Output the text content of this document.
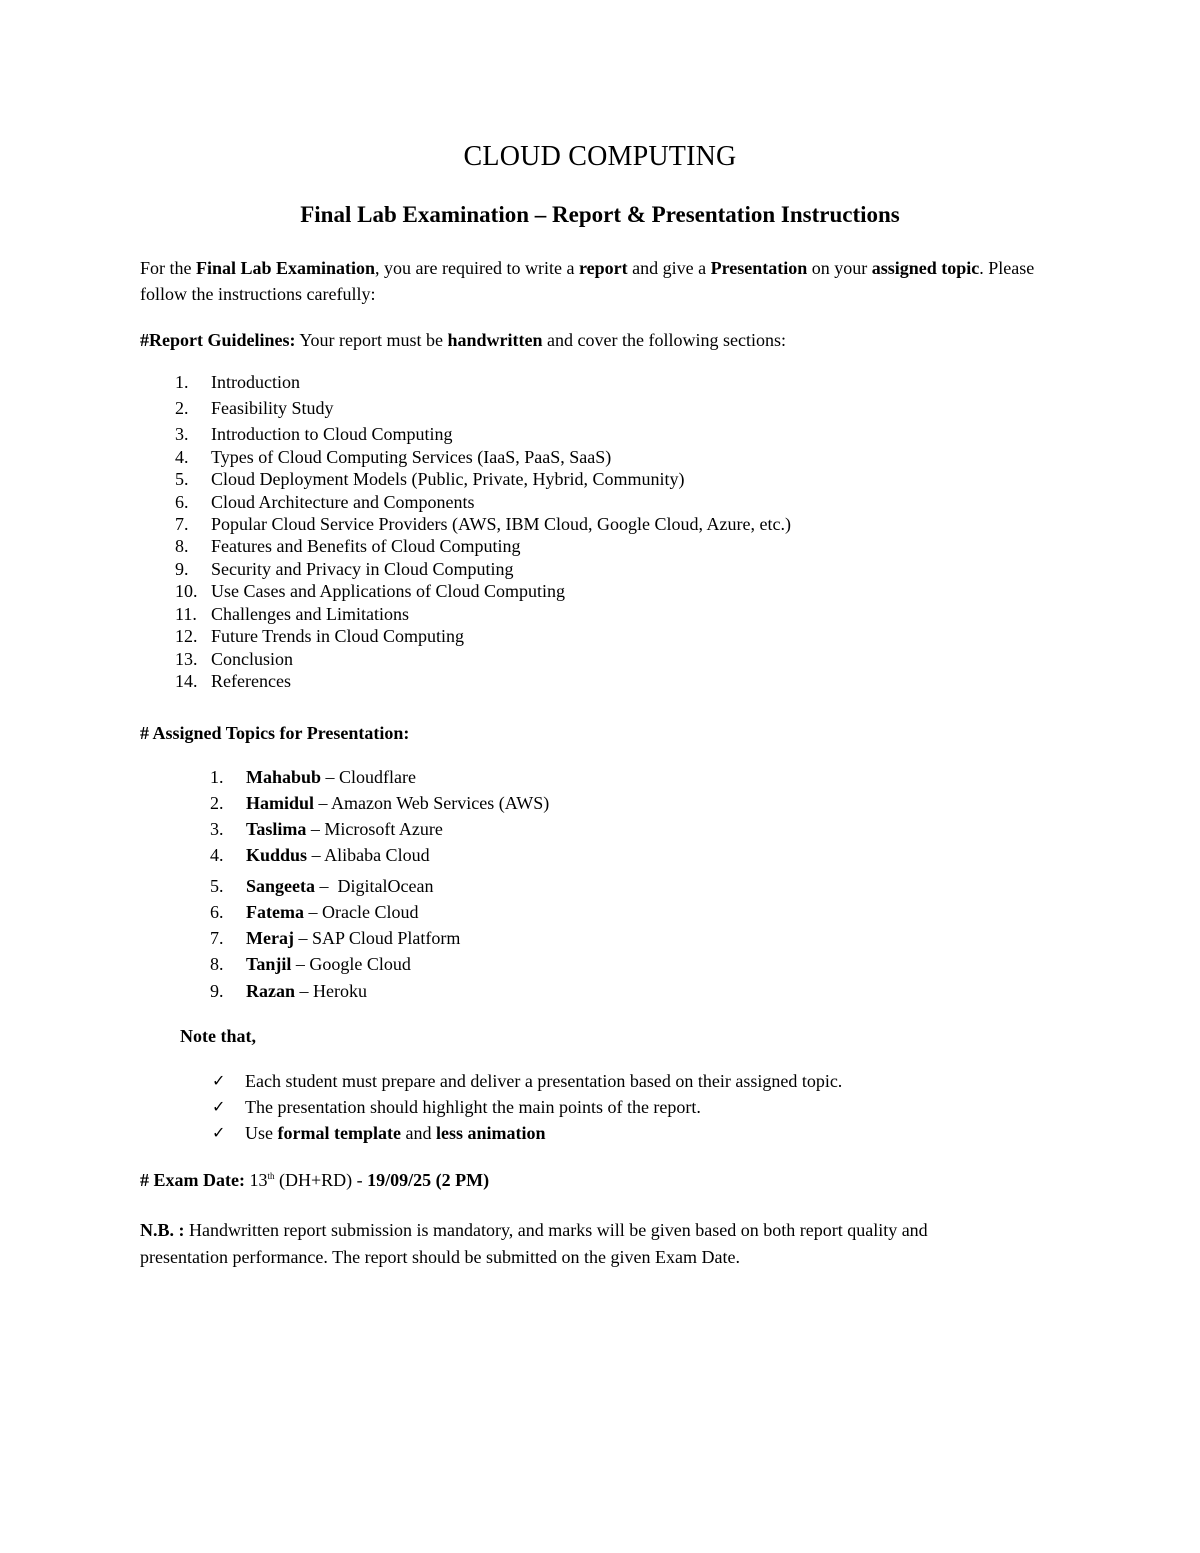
CLOUD COMPUTING
Final Lab Examination – Report & Presentation Instructions

For the Final Lab Examination, you are required to write a report and give a Presentation on your assigned topic. Please follow the instructions carefully:

#Report Guidelines: Your report must be handwritten and cover the following sections:

1.	Introduction
2.	Feasibility Study
3.	Introduction to Cloud Computing
4.	Types of Cloud Computing Services (IaaS, PaaS, SaaS)
5.	Cloud Deployment Models (Public, Private, Hybrid, Community)
6.	Cloud Architecture and Components
7.	Popular Cloud Service Providers (AWS, IBM Cloud, Google Cloud, Azure, etc.)
8.	Features and Benefits of Cloud Computing
9.	Security and Privacy in Cloud Computing
10. Use Cases and Applications of Cloud Computing
11. Challenges and Limitations
12. Future Trends in Cloud Computing
13. Conclusion
14. References

# Assigned Topics for Presentation:

1.	Mahabub – Cloudflare
2.	Hamidul – Amazon Web Services (AWS)
3.	Taslima – Microsoft Azure
4.	Kuddus – Alibaba Cloud
5.	Sangeeta –  DigitalOcean
6.	Fatema – Oracle Cloud
7.	Meraj – SAP Cloud Platform
8.	Tanjil – Google Cloud
9.	Razan – Heroku

Note that,

✓ Each student must prepare and deliver a presentation based on their assigned topic.
✓ The presentation should highlight the main points of the report.
✓ Use formal template and less animation

# Exam Date: 13th (DH+RD) - 19/09/25 (2 PM)

N.B. : Handwritten report submission is mandatory, and marks will be given based on both report quality and presentation performance. The report should be submitted on the given Exam Date.
